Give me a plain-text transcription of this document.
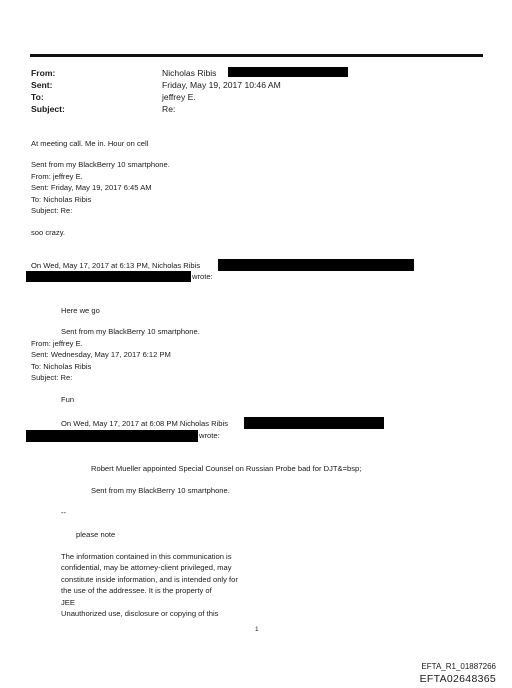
From:	Nicholas Ribis
Sent:	Friday, May 19, 2017 10:46 AM
To:	jeffrey E.
Subject:	Re:
At meeting call. Me in. Hour on cell
Sent from my BlackBerry 10 smartphone.
From: jeffrey E.
Sent: Friday, May 19, 2017 6:45 AM
To: Nicholas Ribis
Subject: Re:
soo crazy.
On Wed, May 17, 2017 at 6:13 PM, Nicholas Ribis
wrote:
Here we go
Sent from my BlackBerry 10 smartphone.
From: jeffrey E.
Sent: Wednesday, May 17, 2017 6:12 PM
To: Nicholas Ribis
Subject: Re:
Fun
On Wed, May 17, 2017 at 6:08 PM Nicholas Ribis
wrote:
Robert Mueller appointed Special Counsel on Russian Probe bad for DJT&=bsp;
Sent from my BlackBerry 10 smartphone.
--
please note
The information contained in this communication is
confidential, may be attorney-client privileged, may
constitute inside information, and is intended only for
the use of the addressee. It is the property of
JEE
Unauthorized use, disclosure or copying of this
1
EFTA_R1_01887266
EFTA02648365
